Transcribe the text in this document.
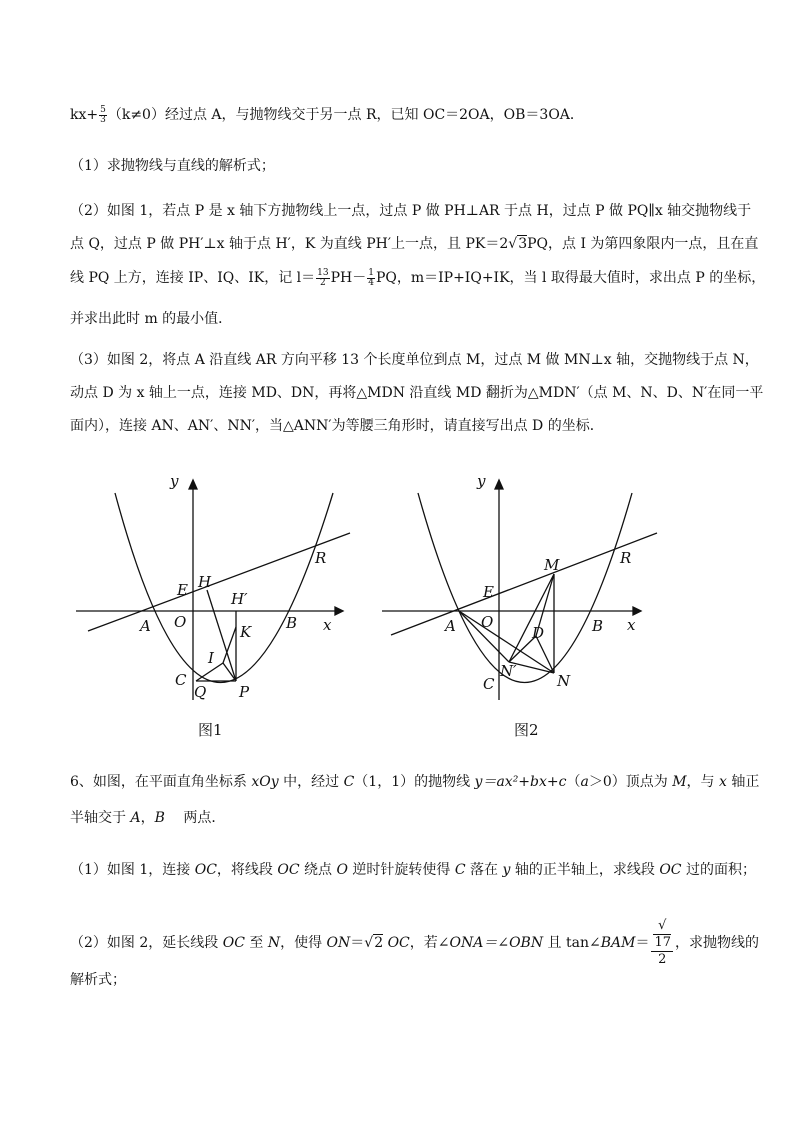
$kx+ \frac{5}{3} (k\ne 0)$经过点 A，与抛物线交于另一点 R，已知 OC＝2OA，OB＝3OA．
（1）求抛物线与直线的解析式；
（2）如图 1，若点 P 是 x 轴下方抛物线上一点，过点 P 做 PH⊥AR 于点 H，过点 P 做 PQ∥x 轴交抛物线于
点 Q，过点 P 做 PH′⊥x 轴于点 H′，K 为直线 PH′上一点，且 PK＝2√3PQ，点 I 为第四象限内一点，且在直
线 PQ 上方，连接 IP、IQ、IK，记 $l= \frac{13}{2} PH- \frac{1}{4}$ PQ，m＝IP+IQ+IK，当 l 取得最大值时，求出点 P 的坐标，
并求出此时 m 的最小值．
（3）如图 2，将点 A 沿直线 AR 方向平移 13 个长度单位到点 M，过点 M 做 MN⊥x 轴，交抛物线于点 N，
动点 D 为 x 轴上一点，连接 MD、DN，再将△MDN 沿直线 MD 翻折为△MDN′（点 M、N、D、N′在同一平
面内），连接 AN、AN′、NN′，当△ANN′为等腰三角形时，请直接写出点 D 的坐标．
y
x
E H
H′
R
A O	B
K
I
C
Q P
图1
y
x
M	R
E
A O
D	B
N′
C	N
图2
6、如图，在平面直角坐标系 xOy 中，经过 C（1，1）的抛物线 y＝ax²+bx+c（a＞0）顶点为 M，与 x 轴正
半轴交于 A，B　 两点．
（1）如图 1，连接 OC，将线段 OC 绕点 O 逆时针旋转使得 C 落在 y 轴的正半轴上，求线段 OC 过的面积；
（2）如图 2，延长线段 OC 至 N，使得 ON＝√2 OC，若∠ONA＝∠OBN 且 tan∠BAM＝ √
17
2 ，求抛物线的
解析式；
